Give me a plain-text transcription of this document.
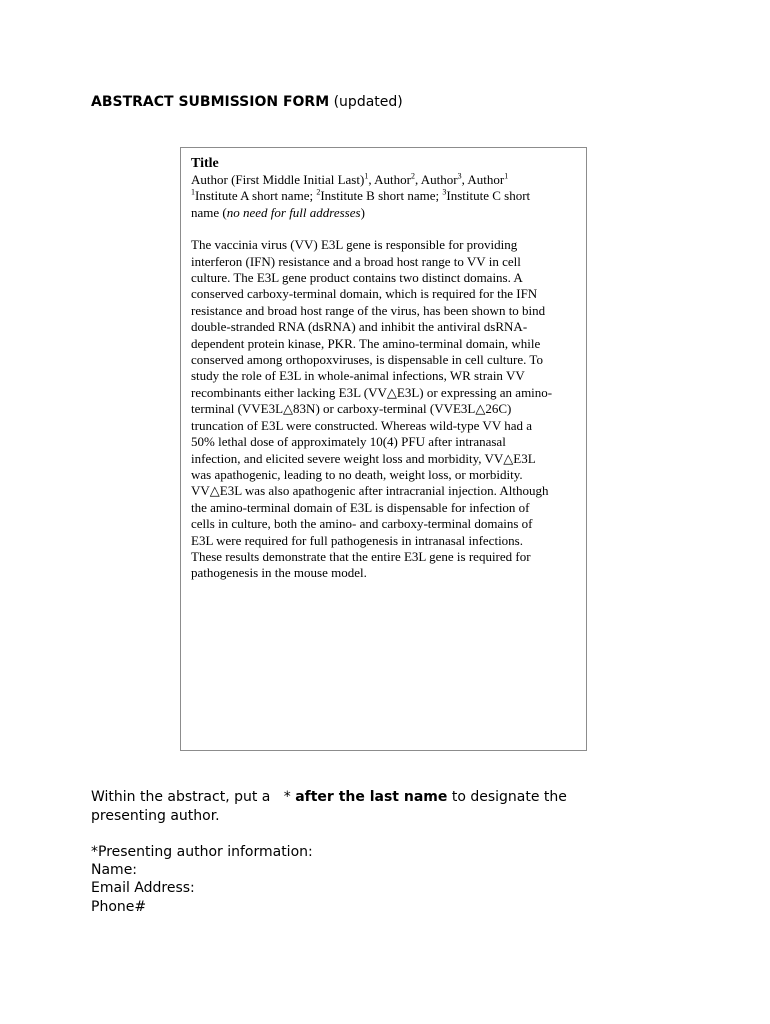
ABSTRACT SUBMISSION FORM (updated)
Title
Author (First Middle Initial Last)$^1$, Author$^2$, Author$^3$, Author$^1$
$^1$Institute A short name; $^2$Institute B short name; $^3$Institute C short
name (no need for full addresses)
The vaccinia virus (VV) E3L gene is responsible for providing
interferon (IFN) resistance and a broad host range to VV in cell
culture. The E3L gene product contains two distinct domains. A
conserved carboxy-terminal domain, which is required for the IFN
resistance and broad host range of the virus, has been shown to bind
double-stranded RNA (dsRNA) and inhibit the antiviral dsRNA-
dependent protein kinase, PKR. The amino-terminal domain, while
conserved among orthopoxviruses, is dispensable in cell culture. To
study the role of E3L in whole-animal infections, WR strain VV
recombinants either lacking E3L (VV△E3L) or expressing an amino-
terminal (VVE3L△83N) or carboxy-terminal (VVE3L△26C)
truncation of E3L were constructed. Whereas wild-type VV had a
50% lethal dose of approximately 10(4) PFU after intranasal
infection, and elicited severe weight loss and morbidity, VV△E3L
was apathogenic, leading to no death, weight loss, or morbidity.
VV△E3L was also apathogenic after intracranial injection. Although
the amino-terminal domain of E3L is dispensable for infection of
cells in culture, both the amino- and carboxy-terminal domains of
E3L were required for full pathogenesis in intranasal infections.
These results demonstrate that the entire E3L gene is required for
pathogenesis in the mouse model.
Within the abstract, put a   * after the last name to designate the
presenting author.
*Presenting author information:
Name:
Email Address:
Phone#
